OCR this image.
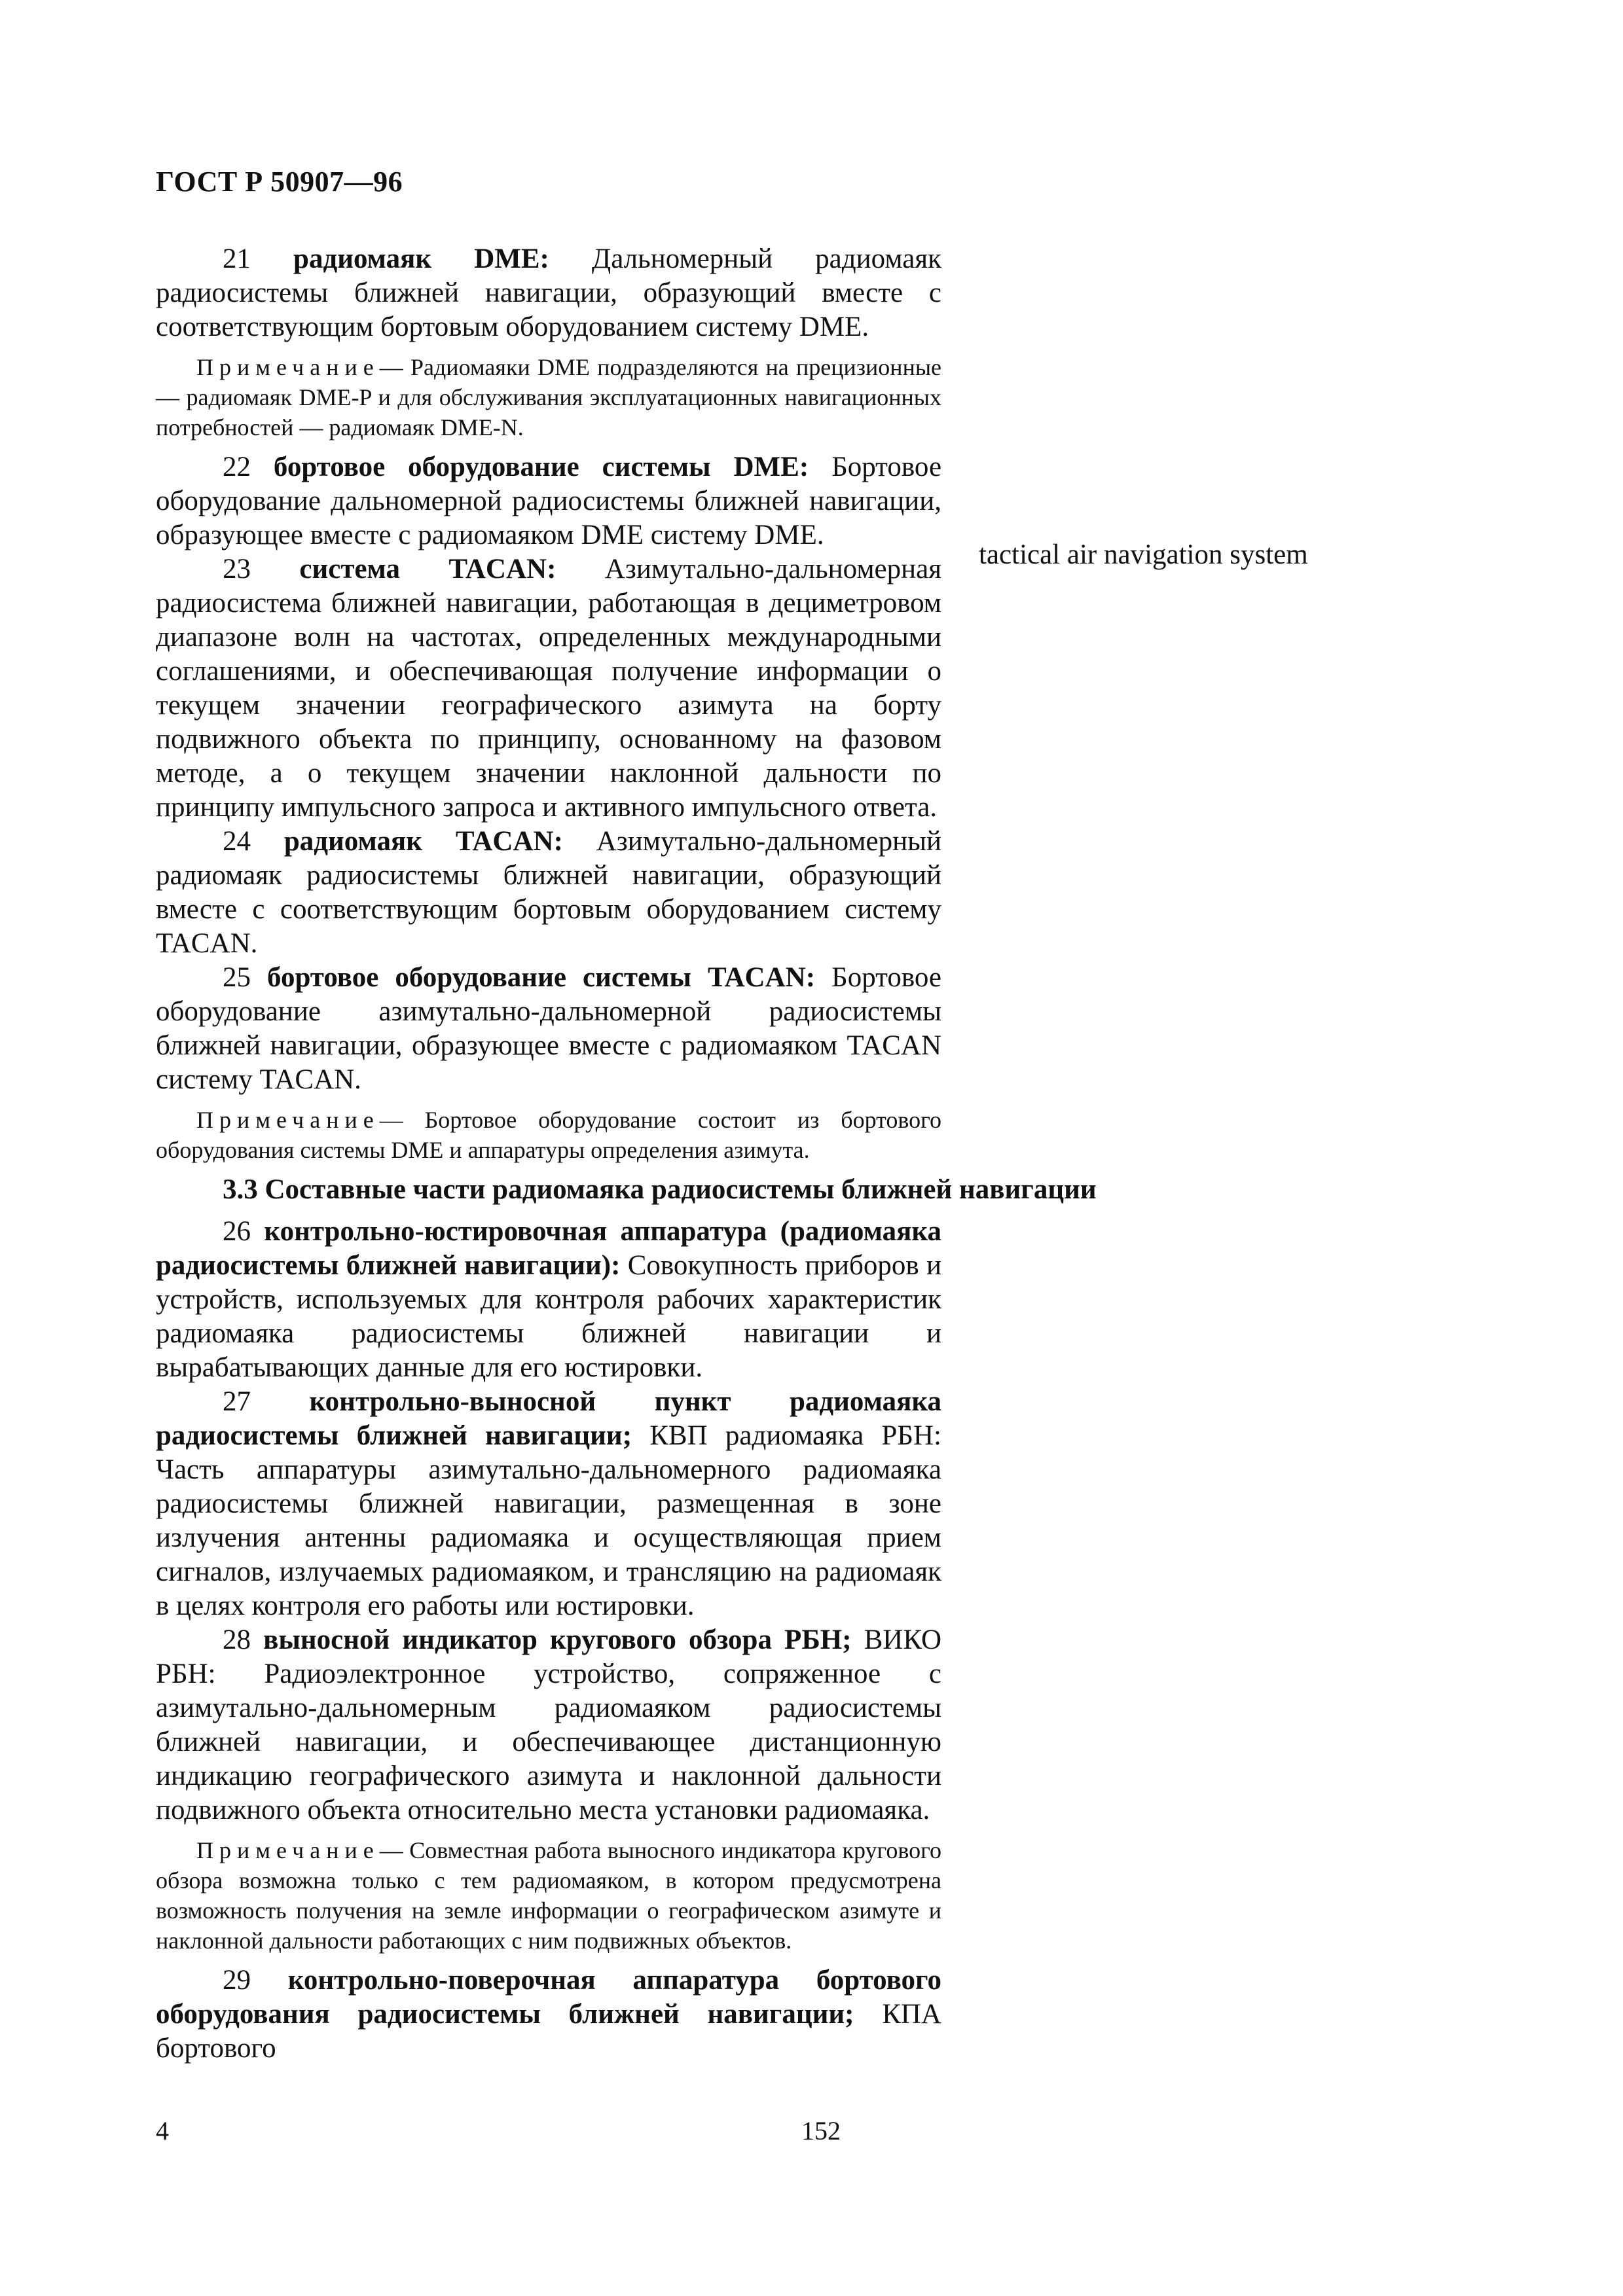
ГОСТ Р 50907—96

21 радиомаяк DME: Дальномерный радиомаяк радиосистемы ближней навигации, образующий вместе с соответствующим бортовым оборудованием систему DME.

Примечание— Радиомаяки DME подразделяются на прецизионные — радиомаяк DME-P и для обслуживания эксплуатационных навигационных потребностей — радиомаяк DME-N.

22 бортовое оборудование системы DME: Бортовое оборудование дальномерной радиосистемы ближней навигации, образующее вместе с радиомаяком DME систему DME.

23 система TACAN: Азимутально-дальномерная радиосистема ближней навигации, работающая в дециметровом диапазоне волн на частотах, определенных международными соглашениями, и обеспечивающая получение информации о текущем значении географического азимута на борту подвижного объекта по принципу, основанному на фазовом методе, а о текущем значении наклонной дальности по принципу импульсного запроса и активного импульсного ответа.

24 радиомаяк TACAN: Азимутально-дальномерный радиомаяк радиосистемы ближней навигации, образующий вместе с соответствующим бортовым оборудованием систему TACAN.

25 бортовое оборудование системы TACAN: Бортовое оборудование азимутально-дальномерной радиосистемы ближней навигации, образующее вместе с радиомаяком TACAN систему TACAN.

Примечание— Бортовое оборудование состоит из бортового оборудования системы DME и аппаратуры определения азимута.

3.3 Составные части радиомаяка радиосистемы ближней навигации

26 контрольно-юстировочная аппаратура (радиомаяка радиосистемы ближней навигации): Совокупность приборов и устройств, используемых для контроля рабочих характеристик радиомаяка радиосистемы ближней навигации и вырабатывающих данные для его юстировки.

27 контрольно-выносной пункт радиомаяка радиосистемы ближней навигации; КВП радиомаяка РБН: Часть аппаратуры азимутально-дальномерного радиомаяка радиосистемы ближней навигации, размещенная в зоне излучения антенны радиомаяка и осуществляющая прием сигналов, излучаемых радиомаяком, и трансляцию на радиомаяк в целях контроля его работы или юстировки.

28 выносной индикатор кругового обзора РБН; ВИКО РБН: Радиоэлектронное устройство, сопряженное с азимутально-дальномерным радиомаяком радиосистемы ближней навигации, и обеспечивающее дистанционную индикацию географического азимута и наклонной дальности подвижного объекта относительно места установки радиомаяка.

Примечание— Совместная работа выносного индикатора кругового обзора возможна только с тем радиомаяком, в котором предусмотрена возможность получения на земле информации о географическом азимуте и наклонной дальности работающих с ним подвижных объектов.

29 контрольно-поверочная аппаратура бортового оборудования радиосистемы ближней навигации; КПА бортового

tactical air navigation system
4	152
